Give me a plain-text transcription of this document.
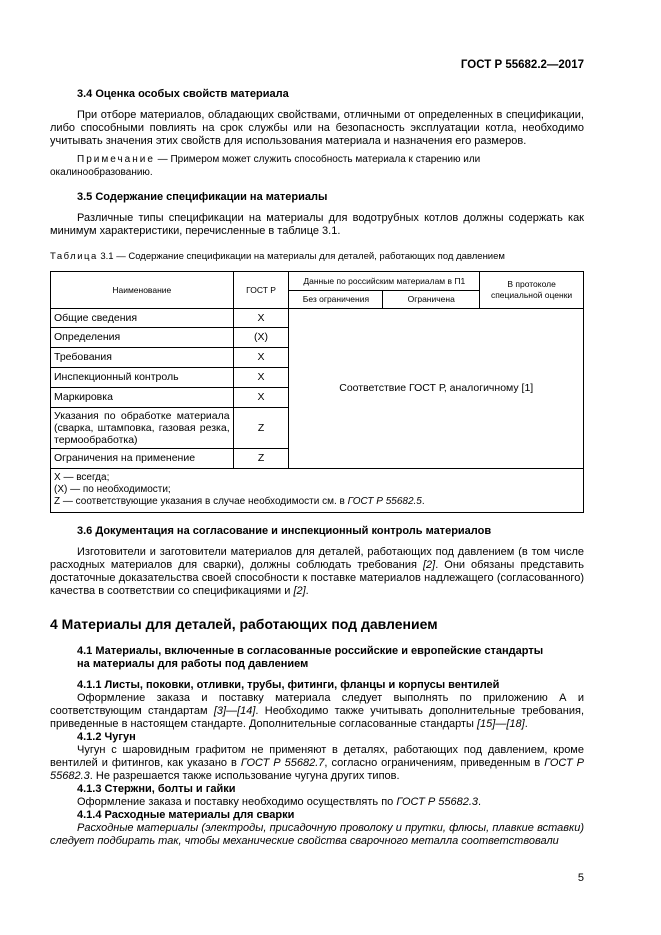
ГОСТ Р 55682.2—2017

3.4 Оценка особых свойств материала

При отборе материалов, обладающих свойствами, отличными от определенных в спецификации, либо способными повлиять на срок службы или на безопасность эксплуатации котла, необходимо учитывать значения этих свойств для использования материала и назначения его размеров.

Примечание — Примером может служить способность материала к старению или окалинообразованию.

3.5 Содержание спецификации на материалы

Различные типы спецификации на материалы для водотрубных котлов должны содержать как минимум характеристики, перечисленные в таблице 3.1.

Таблица 3.1 — Содержание спецификации на материалы для деталей, работающих под давлением

Наименование	ГОСТ Р	Данные по российским материалам в П1		В протоколе специальной оценки
		Без ограничения	Ограничена	
Общие сведения	X	Соответствие ГОСТ Р, аналогичному [1]		
Определения	(X)			
Требования	X			
Инспекционный контроль	X			
Маркировка	X			
Указания по обработке материала (сварка, штамповка, газовая резка, термообработка)	Z			
Ограничения на применение	Z			

X — всегда;
(X) — по необходимости;
Z — соответствующие указания в случае необходимости см. в ГОСТ Р 55682.5.				

3.6 Документация на согласование и инспекционный контроль материалов

Изготовители и заготовители материалов для деталей, работающих под давлением (в том числе расходных материалов для сварки), должны соблюдать требования [2]. Они обязаны представить достаточные доказательства своей способности к поставке материалов надлежащего (согласованного) качества в соответствии со спецификациями и [2].

4 Материалы для деталей, работающих под давлением

4.1 Материалы, включенные в согласованные российские и европейские стандарты

на материалы для работы под давлением

4.1.1 Листы, поковки, отливки, трубы, фитинги, фланцы и корпусы вентилей

Оформление заказа и поставку материала следует выполнять по приложению А и соответствующим стандартам [3]—[14]. Необходимо также учитывать дополнительные требования, приведенные в настоящем стандарте. Дополнительные согласованные стандарты [15]—[18].

4.1.2 Чугун

Чугун с шаровидным графитом не применяют в деталях, работающих под давлением, кроме вентилей и фитингов, как указано в ГОСТ Р 55682.7, согласно ограничениям, приведенным в ГОСТ Р 55682.3. Не разрешается также использование чугуна других типов.

4.1.3 Стержни, болты и гайки

Оформление заказа и поставку необходимо осуществлять по ГОСТ Р 55682.3.

4.1.4 Расходные материалы для сварки

Расходные материалы (электроды, присадочную проволоку и прутки, флюсы, плавкие вставки) следует подбирать так, чтобы механические свойства сварочного металла соответствовали

5
